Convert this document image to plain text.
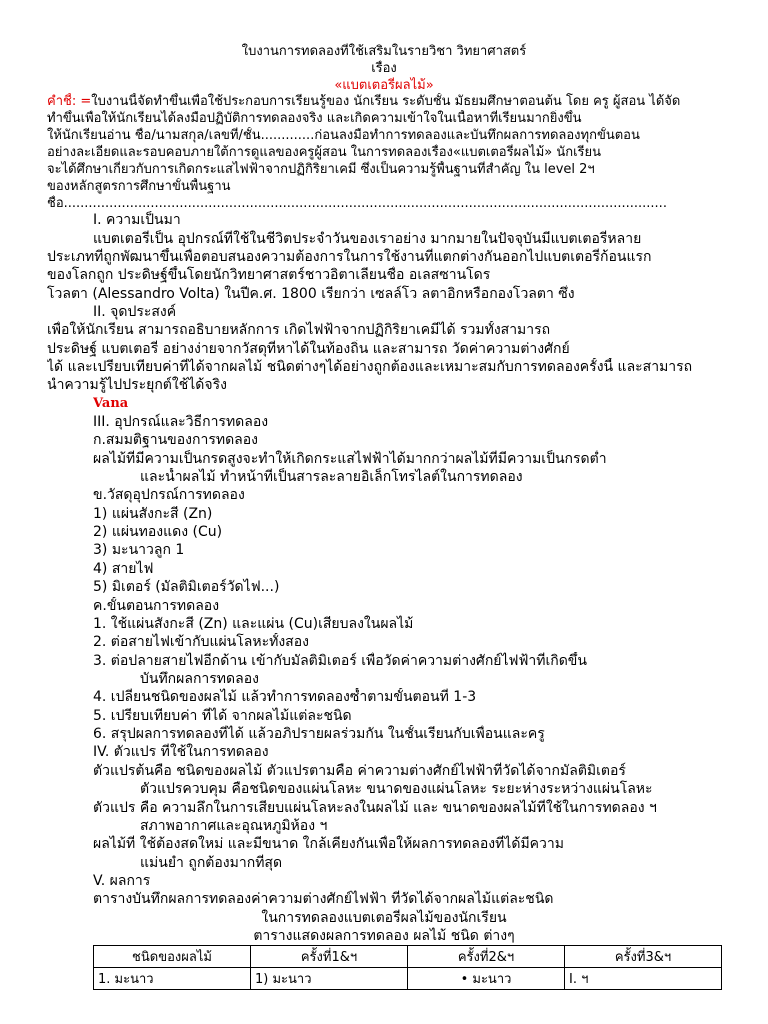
ใบงานการทดลองที่ใช้เสริมในรายวิชา วิทยาศาสตร์
เรื่อง
«แบตเตอรี่ผลไม้»
คำชี้: =ใบงานนี้จัดทำขึ้นเพื่อใช้ประกอบการเรียนรู้ของ นักเรียน ระดับชั้น มัธยมศึกษาตอนต้น โดย ครู ผู้สอน ได้จัด
ทำขึ้นเพื่อให้นักเรียนได้ลงมือปฏิบัติการทดลองจริง และเกิดความเข้าใจในเนื้อหาที่เรียนมากยิ่งขึ้น
ให้นักเรียนอ่าน ชื่อ/นามสกุล/เลขที่/ชั้น.............ก่อนลงมือทำการทดลองและบันทึกผลการทดลองทุกขั้นตอน
อย่างละเอียดและรอบคอบภายใต้การดูแลของครูผู้สอน ในการทดลองเรื่อง«แบตเตอรี่ผลไม้» นักเรียน
จะได้ศึกษาเกี่ยวกับการเกิดกระแสไฟฟ้าจากปฏิกิริยาเคมี ซึ่งเป็นความรู้พื้นฐานที่สำคัญ ใน level 2ฯ
ของหลักสูตรการศึกษาขั้นพื้นฐาน
ชื่อ..................................................................................................................................................
I. ความเป็นมา
แบตเตอรี่เป็น อุปกรณ์ที่ใช้ในชีวิตประจำวันของเราอย่าง มากมายในปัจจุบันมีแบตเตอรี่หลาย
ประเภทที่ถูกพัฒนาขึ้นเพื่อตอบสนองความต้องการในการใช้งานที่แตกต่างกันออกไปแบตเตอรี่ก้อนแรก
ของโลกถูก ประดิษฐ์ขึ้นโดยนักวิทยาศาสตร์ชาวอิตาเลียนชื่อ อเลสซานโดร
โวลตา (Alessandro Volta) ในปีค.ศ. 1800 เรียกว่า เซลล์โว ลตาอิกหรือกองโวลตา ซึ่ง
II. จุดประสงค์
เพื่อให้นักเรียน สามารถอธิบายหลักการ เกิดไฟฟ้าจากปฏิกิริยาเคมีได้ รวมทั้งสามารถ
ประดิษฐ์ แบตเตอรี่ อย่างง่ายจากวัสดุที่หาได้ในท้องถิ่น และสามารถ วัดค่าความต่างศักย์
ได้ และเปรียบเทียบค่าที่ได้จากผลไม้ ชนิดต่างๆได้อย่างถูกต้องและเหมาะสมกับการทดลองครั้งนี้ และสามารถ
นำความรู้ไปประยุกต์ใช้ได้จริง
Vana
III. อุปกรณ์และวิธีการทดลอง
ก.สมมติฐานของการทดลอง
ผลไม้ที่มีความเป็นกรดสูงจะทำให้เกิดกระแสไฟฟ้าได้มากกว่าผลไม้ที่มีความเป็นกรดต่ำ
และน้ำผลไม้ ทำหน้าที่เป็นสารละลายอิเล็กโทรไลต์ในการทดลอง
ข.วัสดุอุปกรณ์การทดลอง
1) แผ่นสังกะสี (Zn)
2) แผ่นทองแดง (Cu)
3) มะนาวลูก 1
4) สายไฟ
5) มิเตอร์ (มัลติมิเตอร์วัดไฟ...)
ค.ขั้นตอนการทดลอง
1. ใช้แผ่นสังกะสี (Zn) และแผ่น (Cu)เสียบลงในผลไม้
2. ต่อสายไฟเข้ากับแผ่นโลหะทั้งสอง
3. ต่อปลายสายไฟอีกด้าน เข้ากับมัลติมิเตอร์ เพื่อวัดค่าความต่างศักย์ไฟฟ้าที่เกิดขึ้น
บันทึกผลการทดลอง
4. เปลี่ยนชนิดของผลไม้ แล้วทำการทดลองซ้ำตามขั้นตอนที่ 1-3
5. เปรียบเทียบค่า ที่ได้ จากผลไม้แต่ละชนิด
6. สรุปผลการทดลองที่ได้ แล้วอภิปรายผลร่วมกัน ในชั้นเรียนกับเพื่อนและครู
IV. ตัวแปร ที่ใช้ในการทดลอง
ตัวแปรต้นคือ ชนิดของผลไม้ ตัวแปรตามคือ ค่าความต่างศักย์ไฟฟ้าที่วัดได้จากมัลติมิเตอร์
ตัวแปรควบคุม คือชนิดของแผ่นโลหะ ขนาดของแผ่นโลหะ ระยะห่างระหว่างแผ่นโลหะ
ตัวแปร คือ ความลึกในการเสียบแผ่นโลหะลงในผลไม้ และ ขนาดของผลไม้ที่ใช้ในการทดลอง ฯ
สภาพอากาศและอุณหภูมิห้อง ฯ
ผลไม้ที่ ใช้ต้องสดใหม่ และมีขนาด ใกล้เคียงกันเพื่อให้ผลการทดลองที่ได้มีความ
แม่นยำ ถูกต้องมากที่สุด
V. ผลการ
ตารางบันทึกผลการทดลองค่าความต่างศักย์ไฟฟ้า ที่วัดได้จากผลไม้แต่ละชนิด
ในการทดลองแบตเตอรี่ผลไม้ของนักเรียน
ตารางแสดงผลการทดลอง ผลไม้ ชนิด ต่างๆ
ชนิดของผลไม้	ครั้งที่1&ฯ	ครั้งที่2&ฯ	ครั้งที่3&ฯ
1. มะนาว	1) มะนาว	• มะนาว	I. ฯ
